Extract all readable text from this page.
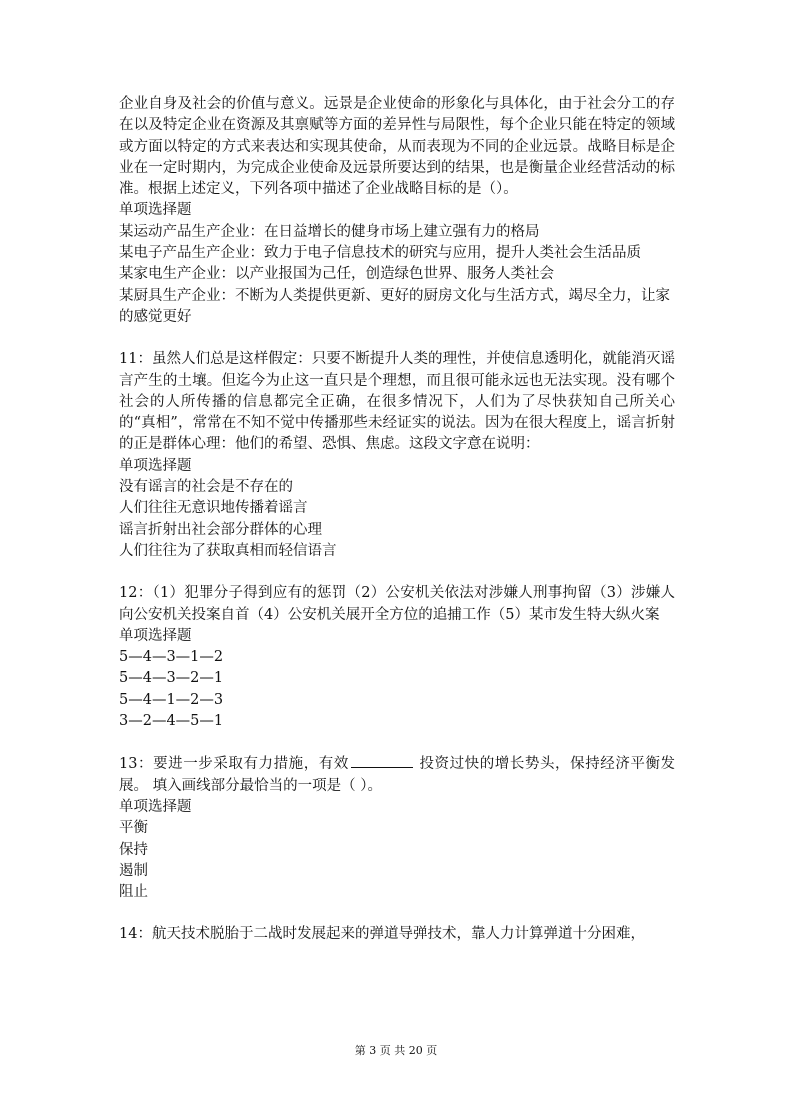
企业自身及社会的价值与意义。远景是企业使命的形象化与具体化，由于社会分工的存在以及特定企业在资源及其禀赋等方面的差异性与局限性，每个企业只能在特定的领域或方面以特定的方式来表达和实现其使命，从而表现为不同的企业远景。战略目标是企业在一定时期内，为完成企业使命及远景所要达到的结果，也是衡量企业经营活动的标准。根据上述定义，下列各项中描述了企业战略目标的是（）。

单项选择题
某运动产品生产企业：在日益增长的健身市场上建立强有力的格局
某电子产品生产企业：致力于电子信息技术的研究与应用，提升人类社会生活品质
某家电生产企业：以产业报国为己任，创造绿色世界、服务人类社会
某厨具生产企业：不断为人类提供更新、更好的厨房文化与生活方式，竭尽全力，让家的感觉更好

11：虽然人们总是这样假定：只要不断提升人类的理性，并使信息透明化，就能消灭谣言产生的土壤。但迄今为止这一直只是个理想，而且很可能永远也无法实现。没有哪个社会的人所传播的信息都完全正确，在很多情况下，人们为了尽快获知自己所关心的“真相”，常常在不知不觉中传播那些未经证实的说法。因为在很大程度上，谣言折射的正是群体心理：他们的希望、恐惧、焦虑。这段文字意在说明：

单项选择题
没有谣言的社会是不存在的
人们往往无意识地传播着谣言
谣言折射出社会部分群体的心理
人们往往为了获取真相而轻信语言

12：（1）犯罪分子得到应有的惩罚（2）公安机关依法对涉嫌人刑事拘留（3）涉嫌人向公安机关投案自首（4）公安机关展开全方位的追捕工作（5）某市发生特大纵火案

单项选择题
5—4—3—1—2
5—4—3—2—1
5—4—1—2—3
3—2—4—5—1

13：要进一步采取有力措施，有效	投资过快的增长势头，保持经济平衡发展。 填入画线部分最恰当的一项是（ ）。

单项选择题
平衡
保持
遏制
阻止

14：航天技术脱胎于二战时发展起来的弹道导弹技术，靠人力计算弹道十分困难，

第 3 页 共 20 页
